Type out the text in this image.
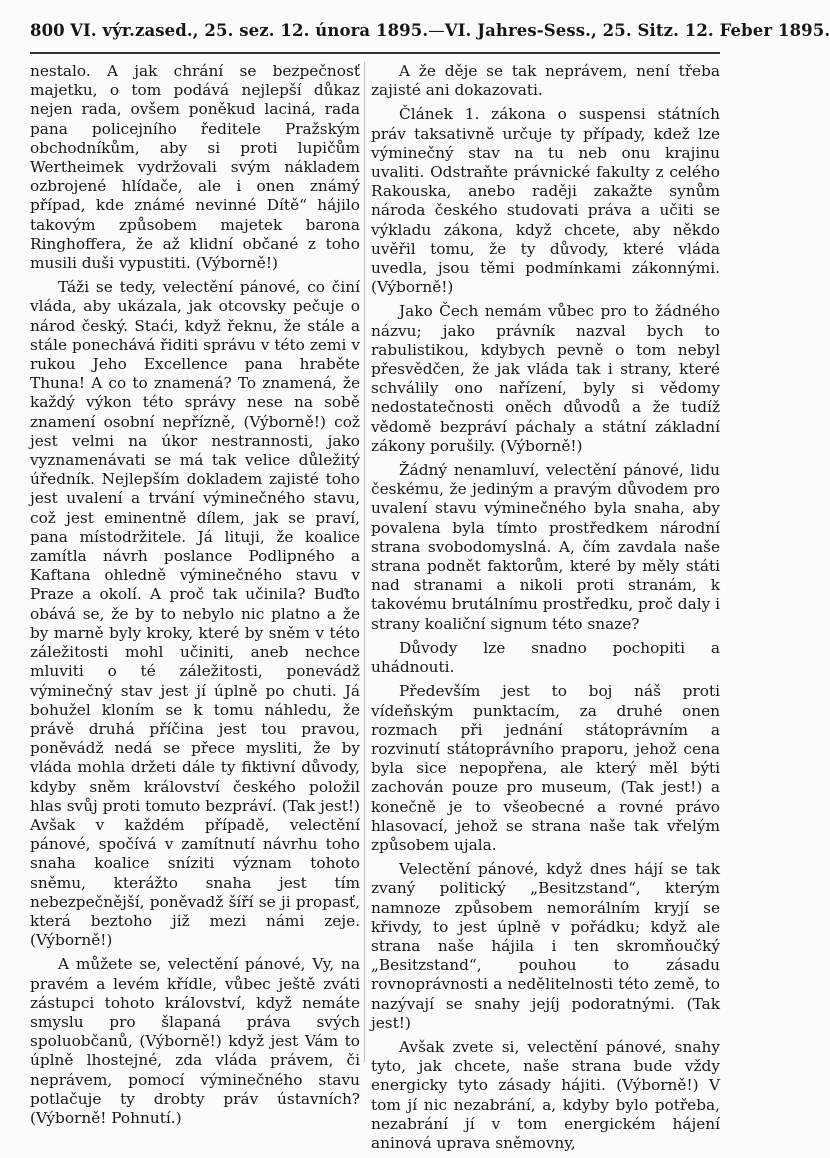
800 VI. výr.zased., 25. sez. 12. února 1895. — VI. Jahres-Sess., 25. Sitz. 12. Feber 1895.

nestalo. A jak chrání se bezpečnosť majetku, o tom podává nejlepší důkaz nejen rada, ovšem poněkud laciná, rada pana policejního ředitele Pražským obchodníkům, aby si proti lupičům Wertheimek vydržovali svým nákladem ozbrojené hlídače, ale i onen známý případ, kde známé nevinné Dítě“ hájilo takovým způsobem majetek barona Ringhoffera, že až klidní občané z toho musili duši vypustiti. (Výborně!)

Táži se tedy, velectění pánové, co činí vláda, aby ukázala, jak otcovsky pečuje o národ český. Staći, když řeknu, že stále a stále ponechává řiditi správu v této zemi v rukou Jeho Excellence pana hraběte Thuna! A co to znamená? To znamená, že každý výkon této správy nese na sobě znamení osobní nepřízně, (Výborně!) což jest velmi na úkor nestrannosti, jako vyznamenávati se má tak velice důležitý úředník. Nejlepším dokladem zajisté toho jest uvalení a trvání výminečného stavu, což jest eminentně dílem, jak se praví, pana místodržitele. Já lituji, že koalice zamítla návrh poslance Podlipného a Kaftana ohledně výminečného stavu v Praze a okolí. A proč tak učinila? Buďto obává se, že by to nebylo nic platno a že by marně byly kroky, které by sněm v této záležitosti mohl učiniti, aneb nechce mluviti o té záležitosti, ponevádž výminečný stav jest jí úplně po chuti. Já bohužel kloním se k tomu náhledu, že právě druhá příčina jest tou pravou, poněvádž nedá se přece mysliti, že by vláda mohla držeti dále ty fiktivní důvody, kdyby sněm království českého položil hlas svůj proti tomuto bezpráví. (Tak jest!) Avšak v každém případě, velectění pánové, spočívá v zamítnutí návrhu toho snaha koalice sníziti význam tohoto sněmu, kterážto snaha jest tím nebezpečnější, poněvadž šíří se ji propasť, která beztoho již mezi námi zeje. (Výborně!)

A můžete se, velectění pánové, Vy, na pravém a levém křídle, vůbec ještě zváti zástupci tohoto království, když nemáte smyslu pro šlapaná práva svých spoluobčanů, (Výborně!) když jest Vám to úplně lhostejné, zda vláda právem, či neprávem, pomocí výminečného stavu potlačuje ty drobty práv ústavních? (Výborně! Pohnutí.)

A že děje se tak neprávem, není třeba zajisté ani dokazovati.

Článek 1. zákona o suspensi státních práv taksativně určuje ty případy, kdež lze výminečný stav na tu neb onu krajinu uvaliti. Odstraňte právnické fakulty z celého Rakouska, anebo raději zakažte synům národa českého studovati práva a učiti se výkladu zákona, když chcete, aby někdo uvěřil tomu, že ty důvody, které vláda uvedla, jsou těmi podmínkami zákonnými. (Výborně!)

Jako Čech nemám vůbec pro to žádného názvu; jako právník nazval bych to rabulistikou, kdybych pevně o tom nebyl přesvědčen, že jak vláda tak i strany, které schválily ono nařízení, byly si vědomy nedostatečnosti oněch důvodů a že tudíž vědomě bezpráví páchaly a státní základní zákony porušily. (Výborně!)

Žádný nenamluví, velectění pánové, lidu českému, že jediným a pravým důvodem pro uvalení stavu výminečného byla snaha, aby povalena byla tímto prostředkem národní strana svobodomyslná. A, čím zavdala naše strana podnět faktorům, které by měly státi nad stranami a nikoli proti stranám, k takovému brutálnímu prostředku, proč daly i strany koaliční signum této snaze?

Důvody lze snadno pochopiti a uhádnouti.

Především jest to boj náš proti vídeňským punktacím, za druhé onen rozmach při jednání státoprávním a rozvinutí státoprávního praporu, jehož cena byla sice nepopřena, ale který měl býti zachován pouze pro museum, (Tak jest!) a konečně je to všeobecné a rovné právo hlasovací, jehož se strana naše tak vřelým způsobem ujala.

Velectění pánové, když dnes hájí se tak zvaný politický „Besitzstand“, kterým namnoze způsobem nemorálním kryjí se křivdy, to jest úplně v pořádku; když ale strana naše hájila i ten skromňoučký „Besitzstand“, pouhou to zásadu rovnoprávnosti a nedělitelnosti této země, to nazývají se snahy jejíj podoratnými. (Tak jest!)

Avšak zvete si, velectění pánové, snahy tyto, jak chcete, naše strana bude vždy energicky tyto zásady hájiti. (Výborně!) V tom jí nic nezabrání, a, kdyby bylo potřeba, nezabrání jí v tom energickém hájení aninová uprava sněmovny,
